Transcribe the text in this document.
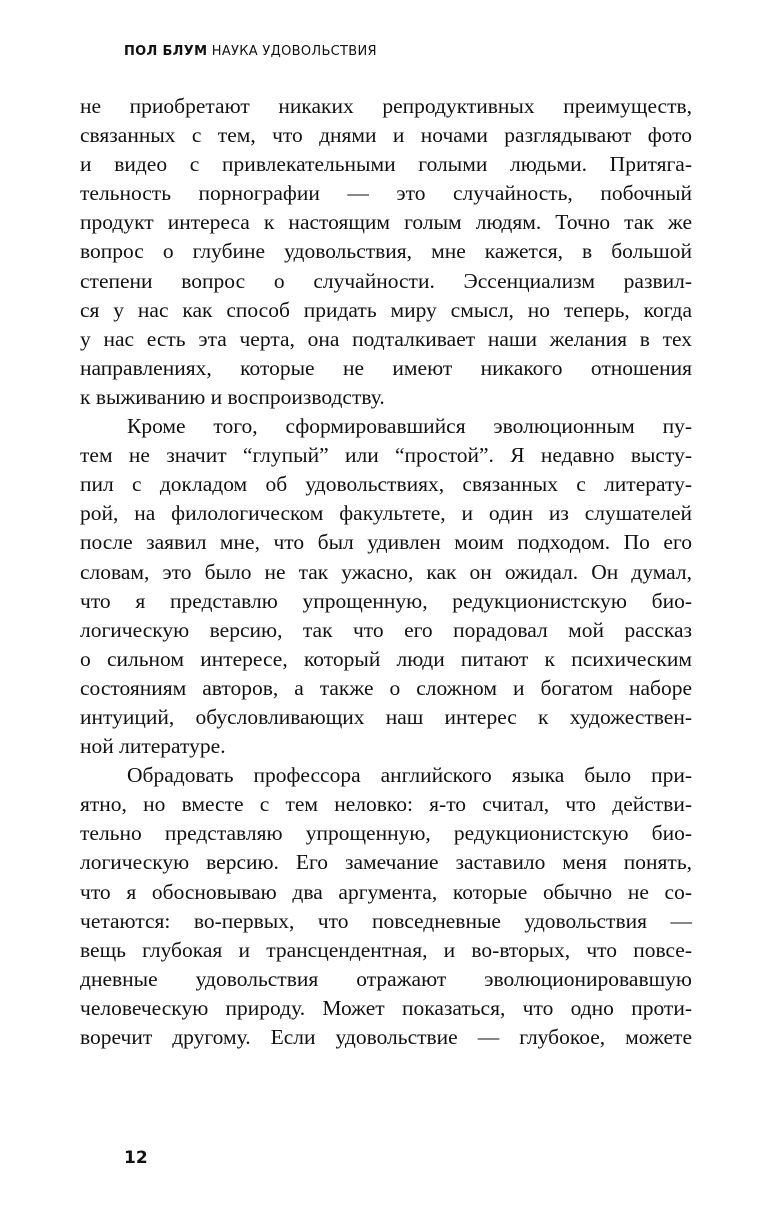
ПОЛ БЛУМ НАУКА УДОВОЛЬСТВИЯ
не приобретают никаких репродуктивных преимуществ,
связанных с тем, что днями и ночами разглядывают фото
и видео с привлекательными голыми людьми. Притяга-
тельность порнографии — это случайность, побочный
продукт интереса к настоящим голым людям. Точно так же
вопрос о глубине удовольствия, мне кажется, в большой
степени вопрос о случайности. Эссенциализм развил-
ся у нас как способ придать миру смысл, но теперь, когда
у нас есть эта черта, она подталкивает наши желания в тех
направлениях, которые не имеют никакого отношения
к выживанию и воспроизводству.
Кроме того, сформировавшийся эволюционным пу-
тем не значит “глупый” или “простой”. Я недавно высту-
пил с докладом об удовольствиях, связанных с литерату-
рой, на филологическом факультете, и один из слушателей
после заявил мне, что был удивлен моим подходом. По его
словам, это было не так ужасно, как он ожидал. Он думал,
что я представлю упрощенную, редукционистскую био-
логическую версию, так что его порадовал мой рассказ
о сильном интересе, который люди питают к психическим
состояниям авторов, а также о сложном и богатом наборе
интуиций, обусловливающих наш интерес к художествен-
ной литературе.
Обрадовать профессора английского языка было при-
ятно, но вместе с тем неловко: я-то считал, что действи-
тельно представляю упрощенную, редукционистскую био-
логическую версию. Его замечание заставило меня понять,
что я обосновываю два аргумента, которые обычно не со-
четаются: во-первых, что повседневные удовольствия —
вещь глубокая и трансцендентная, и во-вторых, что повсе-
дневные удовольствия отражают эволюционировавшую
человеческую природу. Может показаться, что одно проти-
воречит другому. Если удовольствие — глубокое, можете
12
